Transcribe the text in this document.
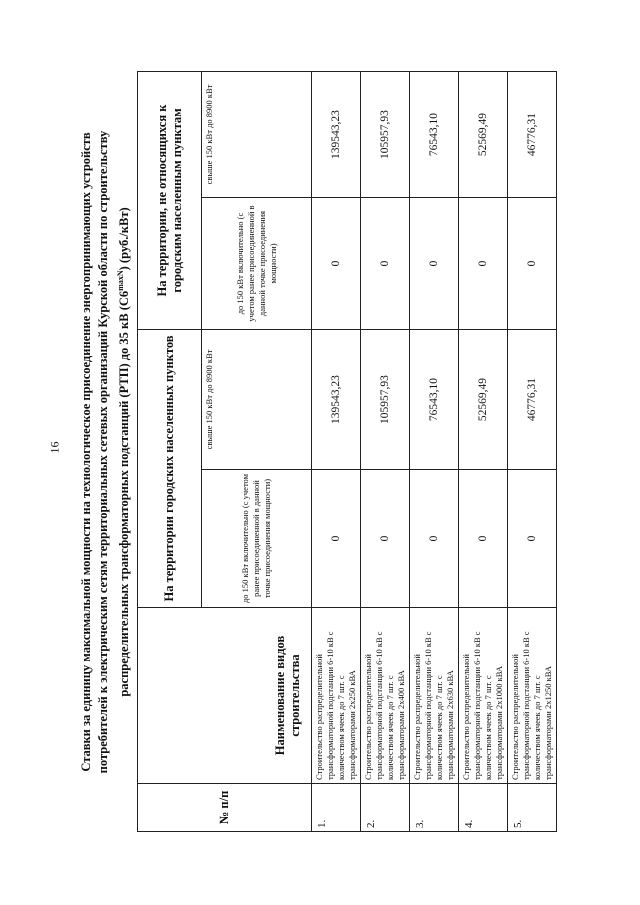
16 Ставки за единицу максимальной мощности на технологическое присоединение энергопринимающих устройств потребителей к электрическим сетям территориальных сетевых организаций Курской области по строительству распределительных трансформаторных подстанций (РТП) до 35 кВ $(С6^{maxN})$ (руб./кВт)
№ п/п	Наименование видов строительства	На территории городских населенных пунктов		На территории, не относящихся к городским населенным пунктам	
		до 150 кВт включительно (с учетом ранее присоединенной в данной точке присоединения мощности)	свыше 150 кВт до 8900 кВт	до 150 кВт включительно (с учетом ранее присоединенной в данной точке присоединения мощности)	свыше 150 кВт до 8900 кВт
1.	Строительство распределительной трансформаторной подстанции 6-10 кВ с количеством ячеек до 7 шт. с трансформаторами 2х250 кВА	0	139543,23	0	139543,23
2.	Строительство распределительной трансформаторной подстанции 6-10 кВ с количеством ячеек до 7 шт. с трансформаторами 2х400 кВА	0	105957,93	0	105957,93
3.	Строительство распределительной трансформаторной подстанции 6-10 кВ с количеством ячеек до 7 шт. с трансформаторами 2х630 кВА	0	76543,10	0	76543,10
4.	Строительство распределительной трансформаторной подстанции 6-10 кВ с количеством ячеек до 7 шт. с трансформаторами 2х1000 кВА	0	52569,49	0	52569,49
5.	Строительство распределительной трансформаторной подстанции 6-10 кВ с количеством ячеек до 7 шт. с трансформаторами 2х1250 кВА	0	46776,31	0	46776,31
